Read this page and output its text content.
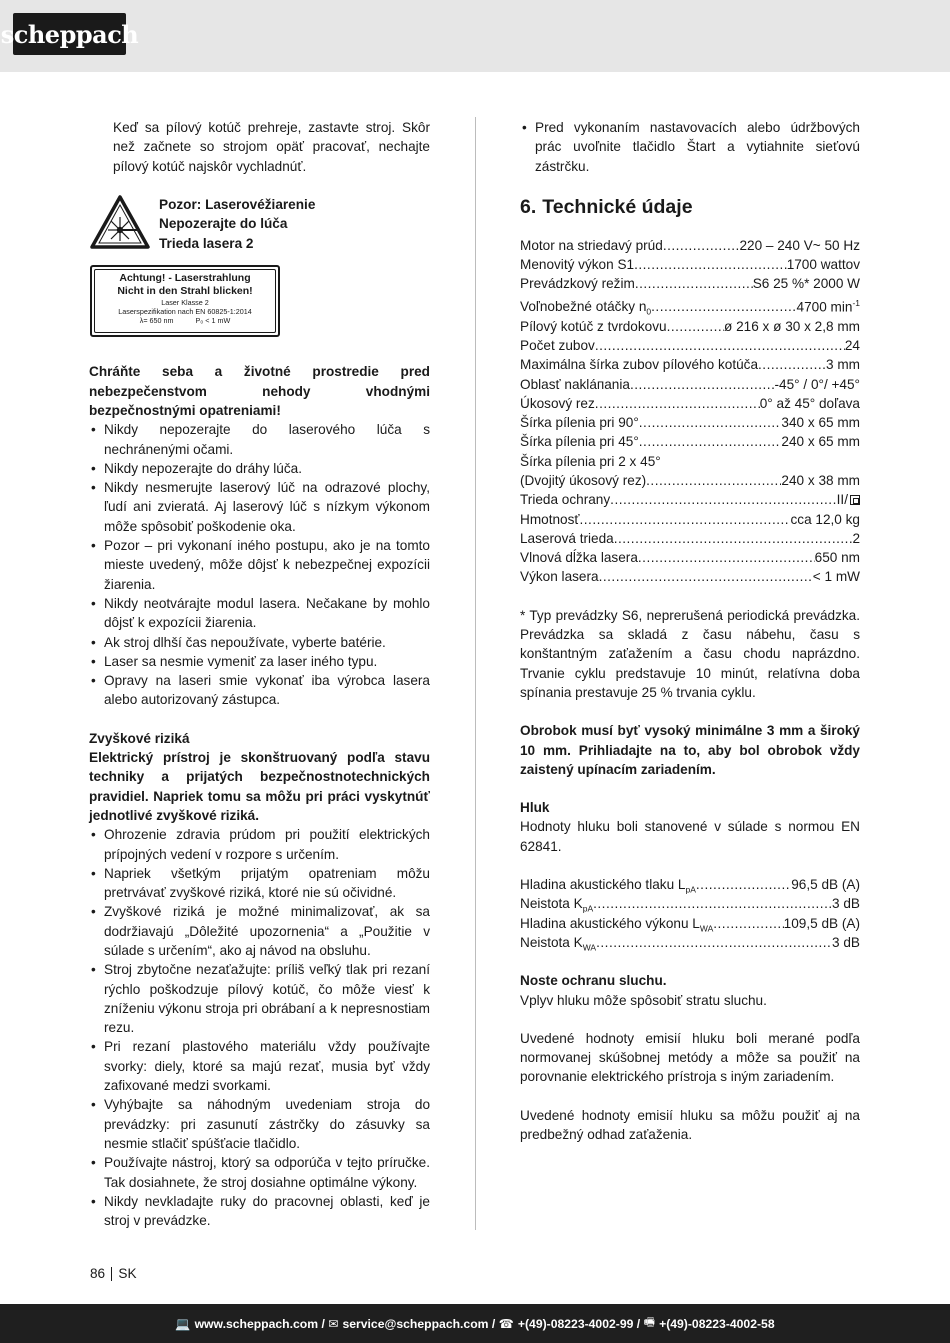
scheppach

Keď sa pílový kotúč prehreje, zastavte stroj. Skôr než začnete so strojom opäť pracovať, nechajte pílový kotúč najskôr vychladnúť.

Pozor: Laserovéžiarenie
Nepozerajte do lúča
Trieda lasera 2
Achtung! - Laserstrahlung
Nicht in den Strahl blicken!
Laser Klasse 2
Laserspezifikation nach EN 60825-1:2014
λ= 650 nm	P₀ < 1 mW

Chráňte seba a životné prostredie pred nebezpečenstvom nehody vhodnými bezpečnostnými opatreniami!

• Nikdy nepozerajte do laserového lúča s nechránenými očami.
• Nikdy nepozerajte do dráhy lúča.
• Nikdy nesmerujte laserový lúč na odrazové plochy, ľudí ani zvieratá. Aj laserový lúč s nízkym výkonom môže spôsobiť poškodenie oka.
• Pozor – pri vykonaní iného postupu, ako je na tomto mieste uvedený, môže dôjsť k nebezpečnej expozícii žiarenia.
• Nikdy neotvárajte modul lasera. Nečakane by mohlo dôjsť k expozícii žiarenia.
• Ak stroj dlhší čas nepoužívate, vyberte batérie.
• Laser sa nesmie vymeniť za laser iného typu.
• Opravy na laseri smie vykonať iba výrobca lasera alebo autorizovaný zástupca.

Zvyškové riziká

Elektrický prístroj je skonštruovaný podľa stavu techniky a prijatých bezpečnostnotechnických pravidiel. Napriek tomu sa môžu pri práci vyskytnúť jednotlivé zvyškové riziká.

• Ohrozenie zdravia prúdom pri použití elektrických prípojných vedení v rozpore s určením.
• Napriek všetkým prijatým opatreniam môžu pretrvávať zvyškové riziká, ktoré nie sú očividné.
• Zvyškové riziká je možné minimalizovať, ak sa dodržiavajú „Dôležité upozornenia“ a „Použitie v súlade s určením“, ako aj návod na obsluhu.
• Stroj zbytočne nezaťažujte: príliš veľký tlak pri rezaní rýchlo poškodzuje pílový kotúč, čo môže viesť k zníženiu výkonu stroja pri obrábaní a k nepresnostiam rezu.
• Pri rezaní plastového materiálu vždy používajte svorky: diely, ktoré sa majú rezať, musia byť vždy zafixované medzi svorkami.
• Vyhýbajte sa náhodným uvedeniam stroja do prevádzky: pri zasunutí zástrčky do zásuvky sa nesmie stlačiť spúšťacie tlačidlo.
• Používajte nástroj, ktorý sa odporúča v tejto príručke. Tak dosiahnete, že stroj dosiahne optimálne výkony.
• Nikdy nevkladajte ruky do pracovnej oblasti, keď je stroj v prevádzke.
• Pred vykonaním nastavovacích alebo údržbových prác uvoľnite tlačidlo Štart a vytiahnite sieťovú zástrčku.
6. Technické údaje
Motor na striedavý prúd .....	220 – 240 V~ 50 Hz
Menovitý výkon S1 .....	1700 wattov
Prevádzkový režim .....	S6 25 %* 2000 W
Voľnobežné otáčky $n_0$ .....	4700 $\min^{-1}$
Pílový kotúč z tvrdokovu .....	ø 216 x ø 30 x 2,8 mm
Počet zubov .....	24
Maximálna šírka zubov pílového kotúča .....	3 mm
Oblasť nakláпania .....	-45° / 0°/ +45°
Úkosový rez .....	0° až 45° doľava
Šírka pílenia pri 90° .....	340 x 65 mm
Šírka pílenia pri 45° .....	240 x 65 mm
Šírka pílenia pri 2 x 45°
(Dvojitý úkosový rez) .....	240 x 38 mm
Trieda ochrany .....	II/
Hmotnosť .....	cca 12,0 kg
Laserová trieda .....	2
Vlnová dĺžka lasera .....	650 nm
Výkon lasera .....	< 1 mW

* Typ prevádzky S6, neprerušená periodická prevádzka. Prevádzka sa skladá z času nábehu, času s konštantným zaťažením a času chodu naprázdno. Trvanie cyklu predstavuje 10 minút, relatívna doba spínania prestavuje 25 % trvania cyklu.

Obrobok musí byť vysoký minimálne 3 mm a široký 10 mm. Prihliadajte na to, aby bol obrobok vždy zaistený upínacím zariadením.

Hluk

Hodnoty hluku boli stanovené v súlade s normou EN 62841.

Hladina akustického tlaku $L_{pA}$ .....	96,5 dB (A)
Neistota $K_{pA}$ .....	3 dB
Hladina akustického výkonu $L_{WA}$ .....	109,5 dB (A)
Neistota $K_{WA}$ .....	3 dB

Noste ochranu sluchu.

Vplyv hluku môže spôsobiť stratu sluchu.

Uvedené hodnoty emisií hluku boli merané podľa normovanej skúšobnej metódy a môže sa použiť na porovnanie elektrického prístroja s iným zariadením.

Uvedené hodnoty emisií hluku sa môžu použiť aj na predbežný odhad zaťaženia.

86 SK
💻 www.scheppach.com
/
✉ service@scheppach.com
/
☎ +(49)-08223-4002-99
/
🖷 +(49)-08223-4002-58
